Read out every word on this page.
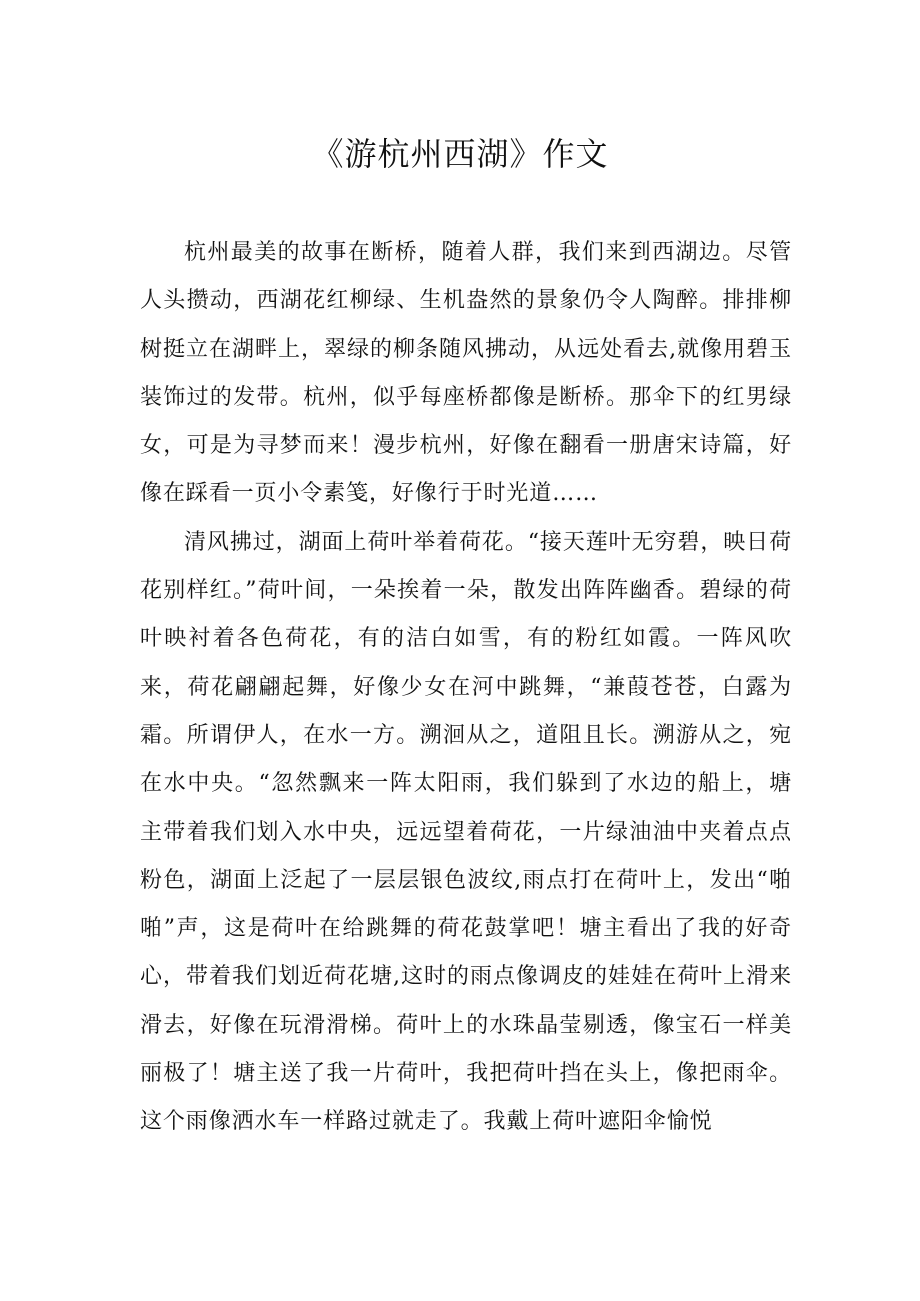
《游杭州西湖》作文

杭州最美的故事在断桥，随着人群，我们来到西湖边。尽管人头攒动，西湖花红柳绿、生机盎然的景象仍令人陶醉。排排柳树挺立在湖畔上，翠绿的柳条随风拂动，从远处看去,就像用碧玉装饰过的发带。杭州，似乎每座桥都像是断桥。那伞下的红男绿女，可是为寻梦而来！漫步杭州，好像在翻看一册唐宋诗篇，好像在踩看一页小令素笺，好像行于时光道……

清风拂过，湖面上荷叶举着荷花。“接天莲叶无穷碧，映日荷花别样红。”荷叶间，一朵挨着一朵，散发出阵阵幽香。碧绿的荷叶映衬着各色荷花，有的洁白如雪，有的粉红如霞。一阵风吹来，荷花翩翩起舞，好像少女在河中跳舞，“兼葭苍苍，白露为霜。所谓伊人，在水一方。溯洄从之，道阻且长。溯游从之，宛在水中央。“忽然飘来一阵太阳雨，我们躲到了水边的船上，塘主带着我们划入水中央，远远望着荷花，一片绿油油中夹着点点粉色，湖面上泛起了一层层银色波纹,雨点打在荷叶上，发出“啪啪”声，这是荷叶在给跳舞的荷花鼓掌吧！塘主看出了我的好奇心，带着我们划近荷花塘,这时的雨点像调皮的娃娃在荷叶上滑来滑去，好像在玩滑滑梯。荷叶上的水珠晶莹剔透，像宝石一样美丽极了！塘主送了我一片荷叶，我把荷叶挡在头上，像把雨伞。这个雨像洒水车一样路过就走了。我戴上荷叶遮阳伞愉悦
